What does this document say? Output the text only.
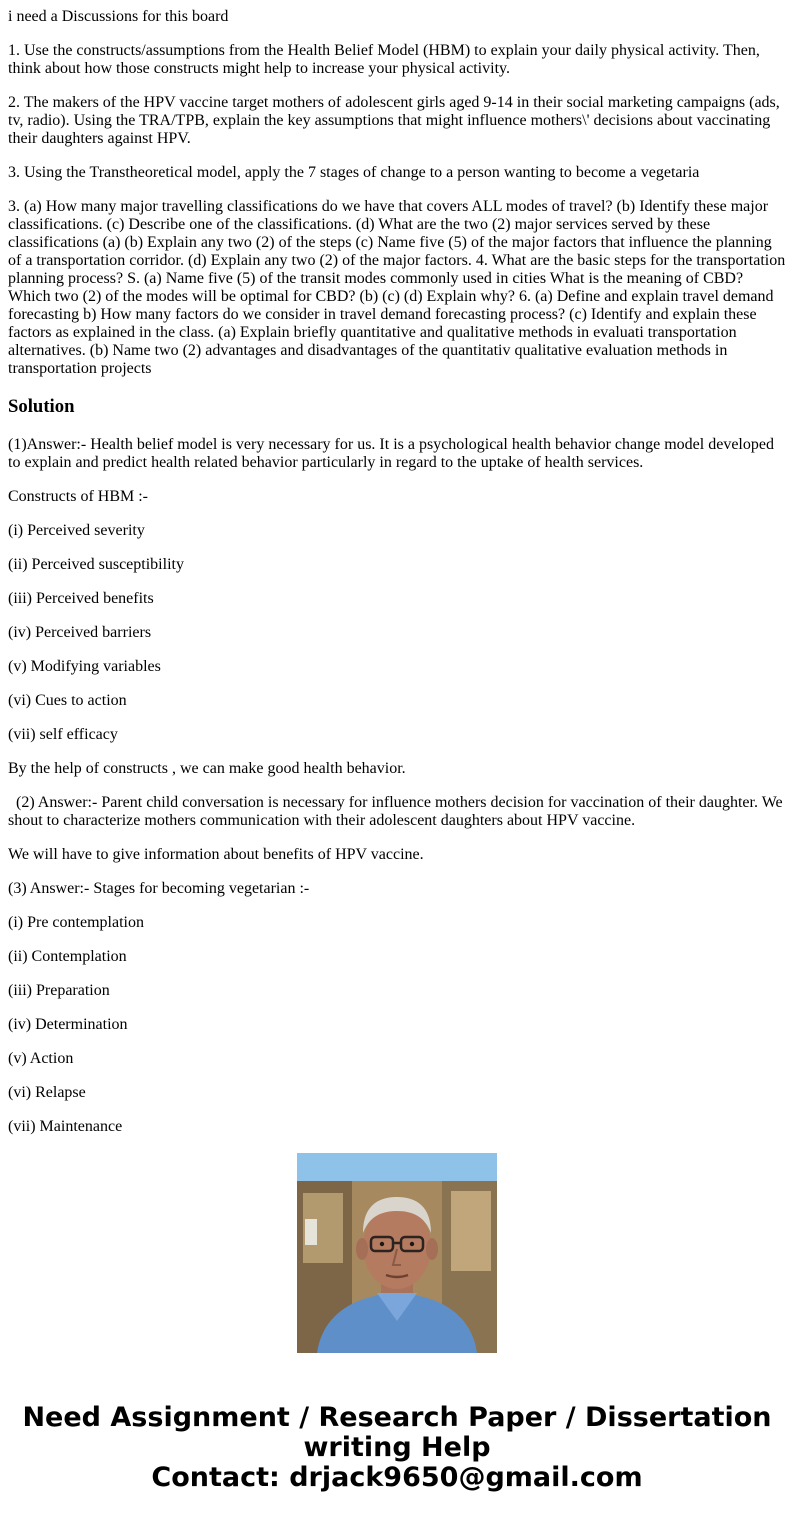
i need a Discussions for this board

1. Use the constructs/assumptions from the Health Belief Model (HBM) to explain your daily physical activity. Then, think about how those constructs might help to increase your physical activity.

2. The makers of the HPV vaccine target mothers of adolescent girls aged 9-14 in their social marketing campaigns (ads, tv, radio). Using the TRA/TPB, explain the key assumptions that might influence mothers\' decisions about vaccinating their daughters against HPV.

3. Using the Transtheoretical model, apply the 7 stages of change to a person wanting to become a vegetaria

3. (a) How many major travelling classifications do we have that covers ALL modes of travel? (b) Identify these major classifications. (c) Describe one of the classifications. (d) What are the two (2) major services served by these classifications (a) (b) Explain any two (2) of the steps (c) Name five (5) of the major factors that influence the planning of a transportation corridor. (d) Explain any two (2) of the major factors. 4. What are the basic steps for the transportation planning process? S. (a) Name five (5) of the transit modes commonly used in cities What is the meaning of CBD? Which two (2) of the modes will be optimal for CBD? (b) (c) (d) Explain why? 6. (a) Define and explain travel demand forecasting b) How many factors do we consider in travel demand forecasting process? (c) Identify and explain these factors as explained in the class. (a) Explain briefly quantitative and qualitative methods in evaluati transportation alternatives. (b) Name two (2) advantages and disadvantages of the quantitativ qualitative evaluation methods in transportation projects

Solution

(1)Answer:- Health belief model is very necessary for us. It is a psychological health behavior change model developed to explain and predict health related behavior particularly in regard to the uptake of health services.

Constructs of HBM :-

(i) Perceived severity

(ii) Perceived susceptibility

(iii) Perceived benefits

(iv) Perceived barriers

(v) Modifying variables

(vi) Cues to action

(vii) self efficacy

By the help of constructs , we can make good health behavior.

(2) Answer:- Parent child conversation is necessary for influence mothers decision for vaccination of their daughter. We shout to characterize mothers communication with their adolescent daughters about HPV vaccine.

We will have to give information about benefits of HPV vaccine.

(3) Answer:- Stages for becoming vegetarian :-

(i) Pre contemplation

(ii) Contemplation

(iii) Preparation

(iv) Determination

(v) Action

(vi) Relapse

(vii) Maintenance

Need Assignment / Research Paper / Dissertation
writing Help
Contact: drjack9650@gmail.com
